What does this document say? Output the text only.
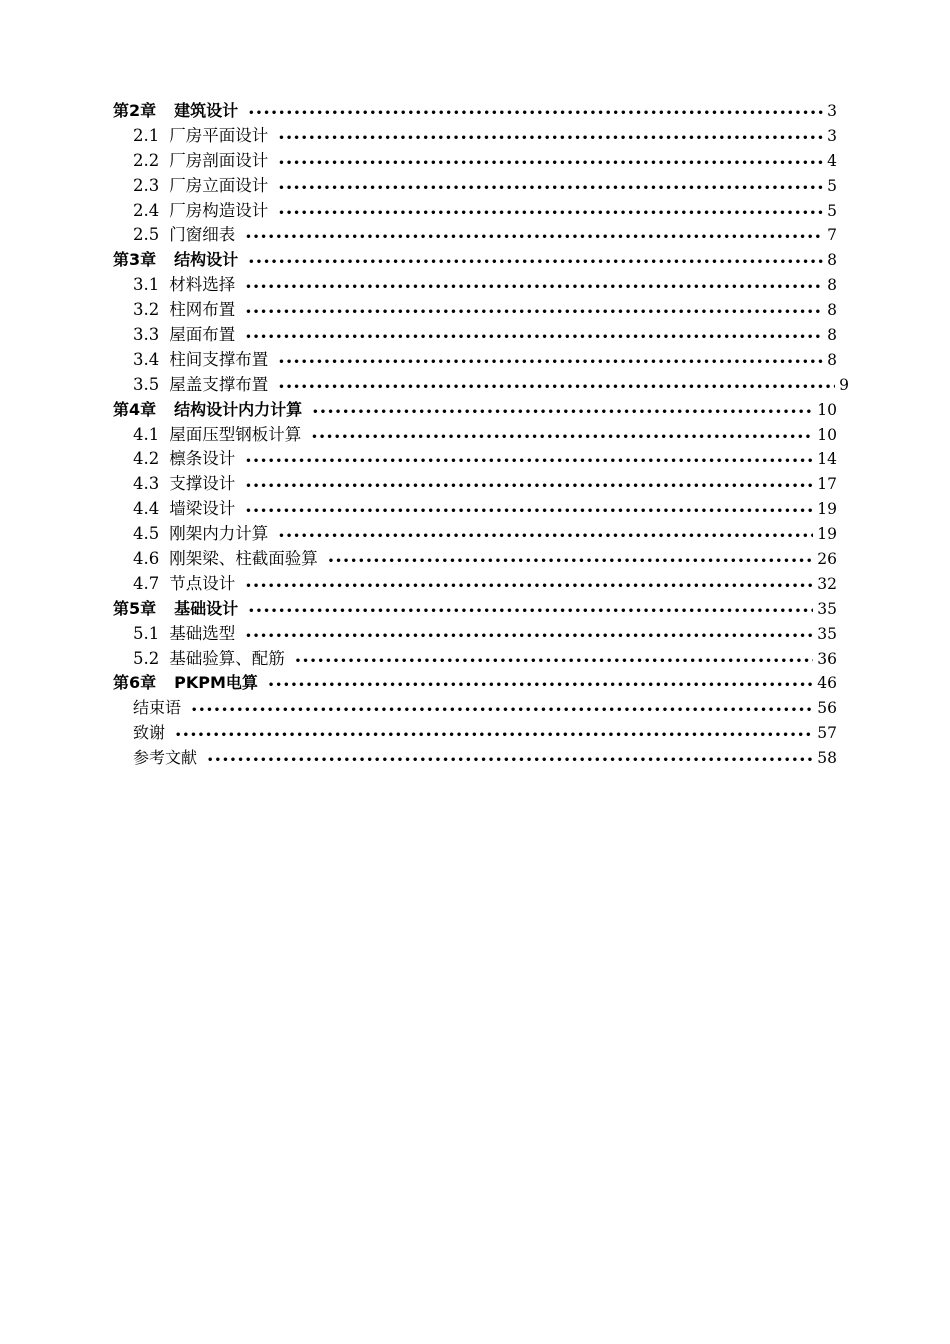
第2章 建筑设计 •••••	3
2.1 厂房平面设计 •••••	3
2.2 厂房剖面设计 •••••	4
2.3 厂房立面设计 •••••	5
2.4 厂房构造设计 •••••	5
2.5 门窗细表 •••••	7
第3章 结构设计 •••••	8
3.1 材料选择 •••••	8
3.2 柱网布置 •••••	8
3.3 屋面布置 •••••	8
3.4 柱间支撑布置 •••••	8
3.5 屋盖支撑布置 •••••	9
第4章 结构设计内力计算 •••••	10
4.1 屋面压型钢板计算 •••••	10
4.2 檩条设计 •••••	14
4.3 支撑设计 •••••	17
4.4 墙梁设计 •••••	19
4.5 刚架内力计算 •••••	19
4.6 刚架梁、柱截面验算 •••••	26
4.7 节点设计 •••••	32
第5章 基础设计 •••••	35
5.1 基础选型 •••••	35
5.2 基础验算、配筋 •••••	36
第6章 PKPM电算 •••••	46
结束语 •••••	56
致谢 •••••	57
参考文献 •••••	58
